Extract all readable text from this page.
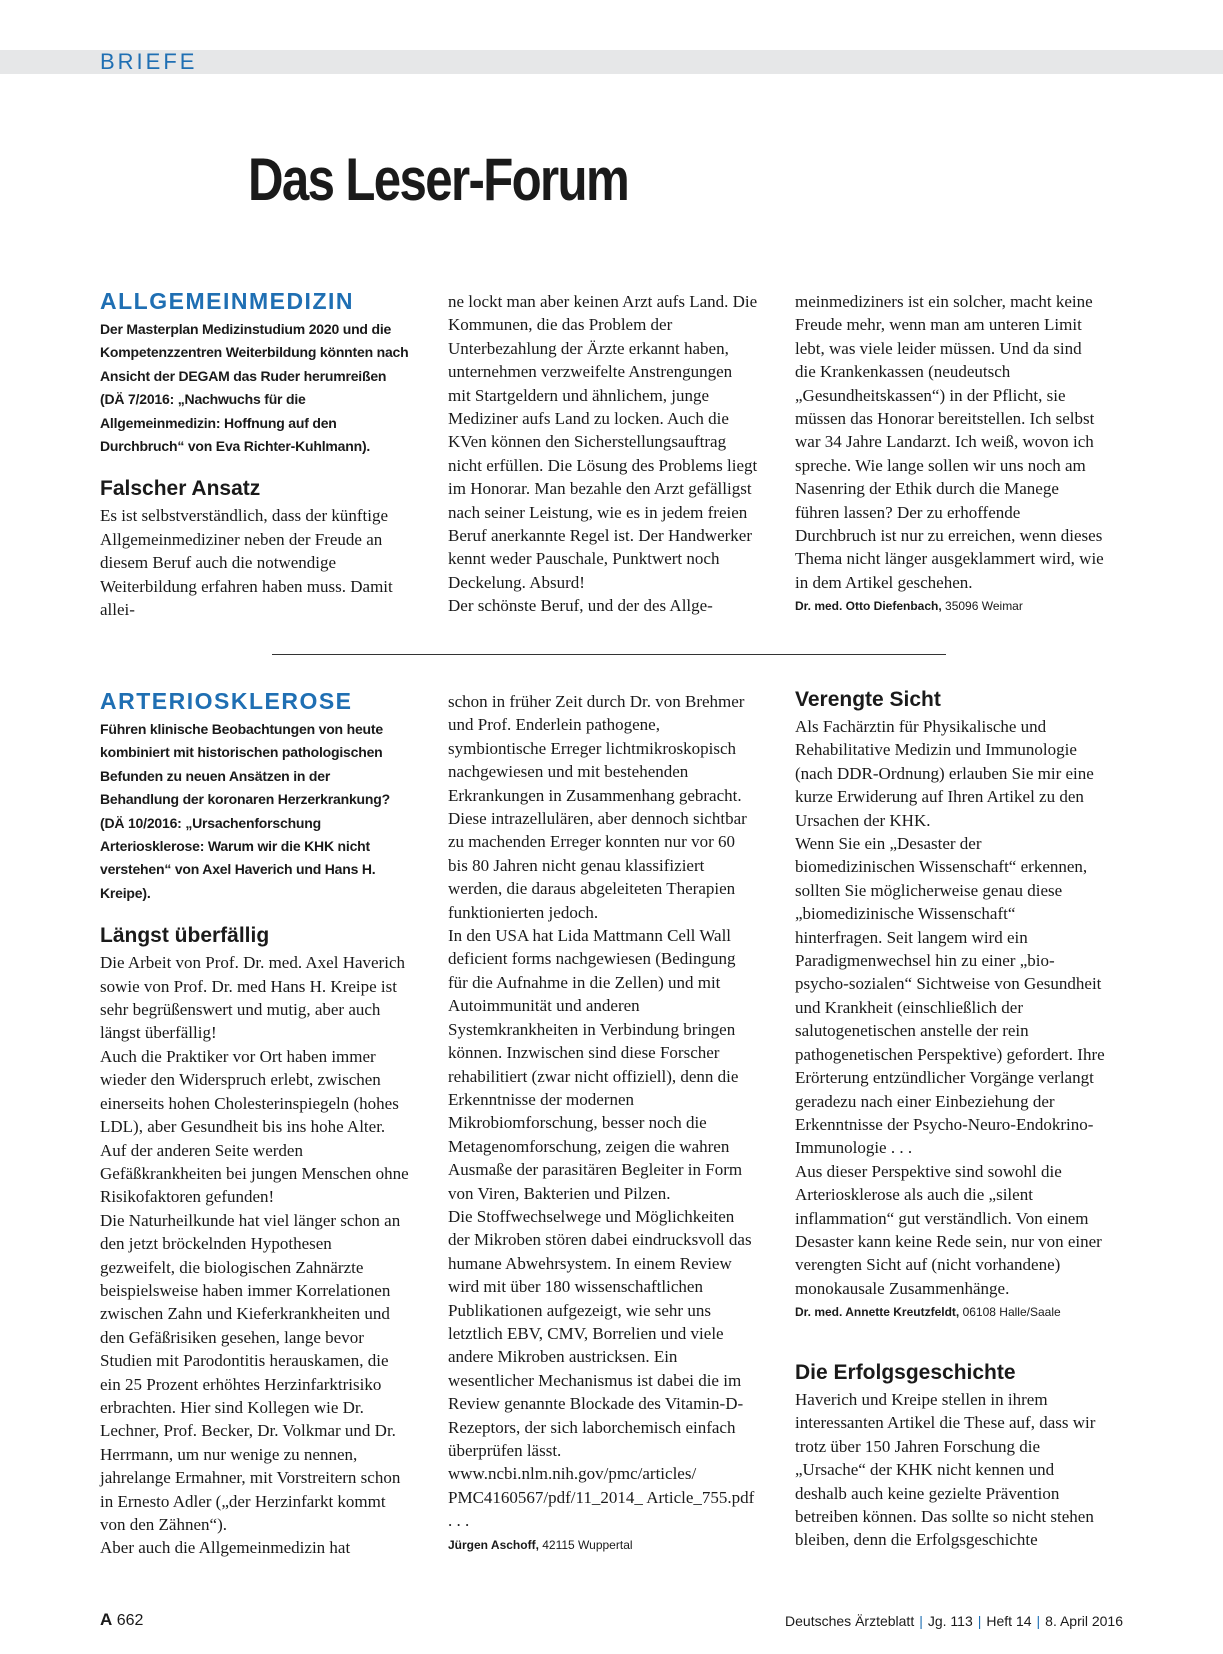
BRIEFE
Das Leser-Forum
ALLGEMEINMEDIZIN

Der Masterplan Medizinstudium 2020 und die Kompetenzzentren Weiterbildung könnten nach Ansicht der DEGAM das Ruder herumreißen (DÄ 7/2016: „Nachwuchs für die Allgemeinmedizin: Hoffnung auf den Durchbruch“ von Eva Richter-Kuhlmann).

Falscher Ansatz

Es ist selbstverständlich, dass der künftige Allgemeinmediziner neben der Freude an diesem Beruf auch die notwendige Weiterbildung erfahren haben muss. Damit allei-

ne lockt man aber keinen Arzt aufs Land. Die Kommunen, die das Problem der Unterbezahlung der Ärzte erkannt haben, unternehmen verzweifelte Anstrengungen mit Startgeldern und ähnlichem, junge Mediziner aufs Land zu locken. Auch die KVen können den Sicherstellungsauftrag nicht erfüllen. Die Lösung des Problems liegt im Honorar. Man bezahle den Arzt gefälligst nach seiner Leistung, wie es in jedem freien Beruf anerkannte Regel ist. Der Handwerker kennt weder Pauschale, Punktwert noch Deckelung. Absurd!
Der schönste Beruf, und der des Allge-

meinmediziners ist ein solcher, macht keine Freude mehr, wenn man am unteren Limit lebt, was viele leider müssen. Und da sind die Krankenkassen (neudeutsch „Gesundheitskassen“) in der Pflicht, sie müssen das Honorar bereitstellen. Ich selbst war 34 Jahre Landarzt. Ich weiß, wovon ich spreche. Wie lange sollen wir uns noch am Nasenring der Ethik durch die Manege führen lassen? Der zu erhoffende Durchbruch ist nur zu erreichen, wenn dieses Thema nicht länger ausgeklammert wird, wie in dem Artikel geschehen.

Dr. med. Otto Diefenbach, 35096 Weimar

ARTERIOSKLEROSE

Führen klinische Beobachtungen von heute kombiniert mit historischen pathologischen Befunden zu neuen Ansätzen in der Behandlung der koronaren Herzerkrankung? (DÄ 10/2016: „Ursachenforschung Arteriosklerose: Warum wir die KHK nicht verstehen“ von Axel Haverich und Hans H. Kreipe).

Längst überfällig

Die Arbeit von Prof. Dr. med. Axel Haverich sowie von Prof. Dr. med Hans H. Kreipe ist sehr begrüßenswert und mutig, aber auch längst überfällig!
Auch die Praktiker vor Ort haben immer wieder den Widerspruch erlebt, zwischen einerseits hohen Cholesterinspiegeln (hohes LDL), aber Gesundheit bis ins hohe Alter. Auf der anderen Seite werden Gefäßkrankheiten bei jungen Menschen ohne Risikofaktoren gefunden!
Die Naturheilkunde hat viel länger schon an den jetzt bröckelnden Hypothesen gezweifelt, die biologischen Zahnärzte beispielsweise haben immer Korrelationen zwischen Zahn und Kieferkrankheiten und den Gefäßrisiken gesehen, lange bevor Studien mit Parodontitis herauskamen, die ein 25 Prozent erhöhtes Herzinfarktrisiko erbrachten. Hier sind Kollegen wie Dr. Lechner, Prof. Becker, Dr. Volkmar und Dr. Herrmann, um nur wenige zu nennen, jahrelange Ermahner, mit Vorstreitern schon in Ernesto Adler („der Herzinfarkt kommt von den Zähnen“).
Aber auch die Allgemeinmedizin hat

schon in früher Zeit durch Dr. von Brehmer und Prof. Enderlein pathogene, symbiontische Erreger lichtmikroskopisch nachgewiesen und mit bestehenden Erkrankungen in Zusammenhang gebracht. Diese intrazellulären, aber dennoch sichtbar zu machenden Erreger konnten nur vor 60 bis 80 Jahren nicht genau klassifiziert werden, die daraus abgeleiteten Therapien funktionierten jedoch.
In den USA hat Lida Mattmann Cell Wall deficient forms nachgewiesen (Bedingung für die Aufnahme in die Zellen) und mit Autoimmunität und anderen Systemkrankheiten in Verbindung bringen können. Inzwischen sind diese Forscher rehabilitiert (zwar nicht offiziell), denn die Erkenntnisse der modernen Mikrobiomforschung, besser noch die Metagenomforschung, zeigen die wahren Ausmaße der parasitären Begleiter in Form von Viren, Bakterien und Pilzen.
Die Stoffwechselwege und Möglichkeiten der Mikroben stören dabei eindrucksvoll das humane Abwehrsystem. In einem Review wird mit über 180 wissenschaftlichen Publikationen aufgezeigt, wie sehr uns letztlich EBV, CMV, Borrelien und viele andere Mikroben austricksen. Ein wesentlicher Mechanismus ist dabei die im Review genannte Blockade des Vitamin-D-Rezeptors, der sich laborchemisch einfach überprüfen lässt.
www.ncbi.nlm.nih.gov/pmc/articles/ PMC4160567/pdf/11_2014_ Article_755.pdf . . .

Jürgen Aschoff, 42115 Wuppertal

Verengte Sicht

Als Fachärztin für Physikalische und Rehabilitative Medizin und Immunologie (nach DDR-Ordnung) erlauben Sie mir eine kurze Erwiderung auf Ihren Artikel zu den Ursachen der KHK.
Wenn Sie ein „Desaster der biomedizinischen Wissenschaft“ erkennen, sollten Sie möglicherweise genau diese „biomedizinische Wissenschaft“ hinterfragen. Seit langem wird ein Paradigmenwechsel hin zu einer „bio-psycho-sozialen“ Sichtweise von Gesundheit und Krankheit (einschließlich der salutogenetischen anstelle der rein pathogenetischen Perspektive) gefordert. Ihre Erörterung entzündlicher Vorgänge verlangt geradezu nach einer Einbeziehung der Erkenntnisse der Psycho-Neuro-Endokrino-Immunologie . . .
Aus dieser Perspektive sind sowohl die Arteriosklerose als auch die „silent inflammation“ gut verständlich. Von einem Desaster kann keine Rede sein, nur von einer verengten Sicht auf (nicht vorhandene) monokausale Zusammenhänge.

Dr. med. Annette Kreutzfeldt, 06108 Halle/Saale

Die Erfolgsgeschichte

Haverich und Kreipe stellen in ihrem interessanten Artikel die These auf, dass wir trotz über 150 Jahren Forschung die „Ursache“ der KHK nicht kennen und deshalb auch keine gezielte Prävention betreiben können. Das sollte so nicht stehen bleiben, denn die Erfolgsgeschichte

A 662	Deutsches Ärzteblatt | Jg. 113 | Heft 14 | 8. April 2016
